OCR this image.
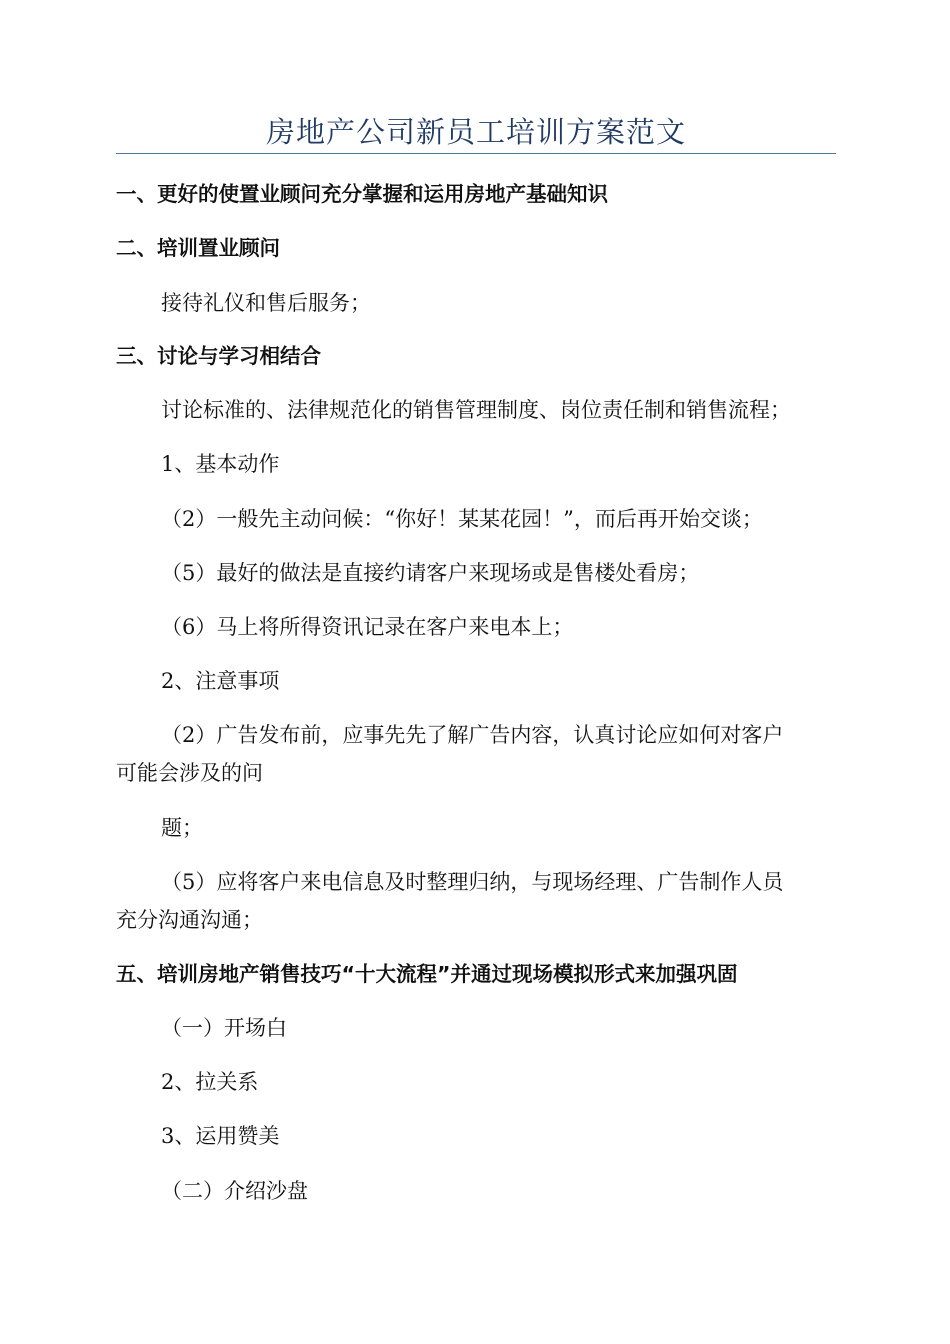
房地产公司新员工培训方案范文
一、更好的使置业顾问充分掌握和运用房地产基础知识
二、培训置业顾问
接待礼仪和售后服务；
三、讨论与学习相结合
讨论标准的、法律规范化的销售管理制度、岗位责任制和销售流程；
1、基本动作
（2）一般先主动问候：“你好！某某花园！”，而后再开始交谈；
（5）最好的做法是直接约请客户来现场或是售楼处看房；
（6）马上将所得资讯记录在客户来电本上；
2、注意事项
（2）广告发布前，应事先先了解广告内容，认真讨论应如何对客户
可能会涉及的问
题；
（5）应将客户来电信息及时整理归纳，与现场经理、广告制作人员
充分沟通沟通；
五、培训房地产销售技巧“十大流程”并通过现场模拟形式来加强巩固
（一）开场白
2、拉关系
3、运用赞美
（二）介绍沙盘
